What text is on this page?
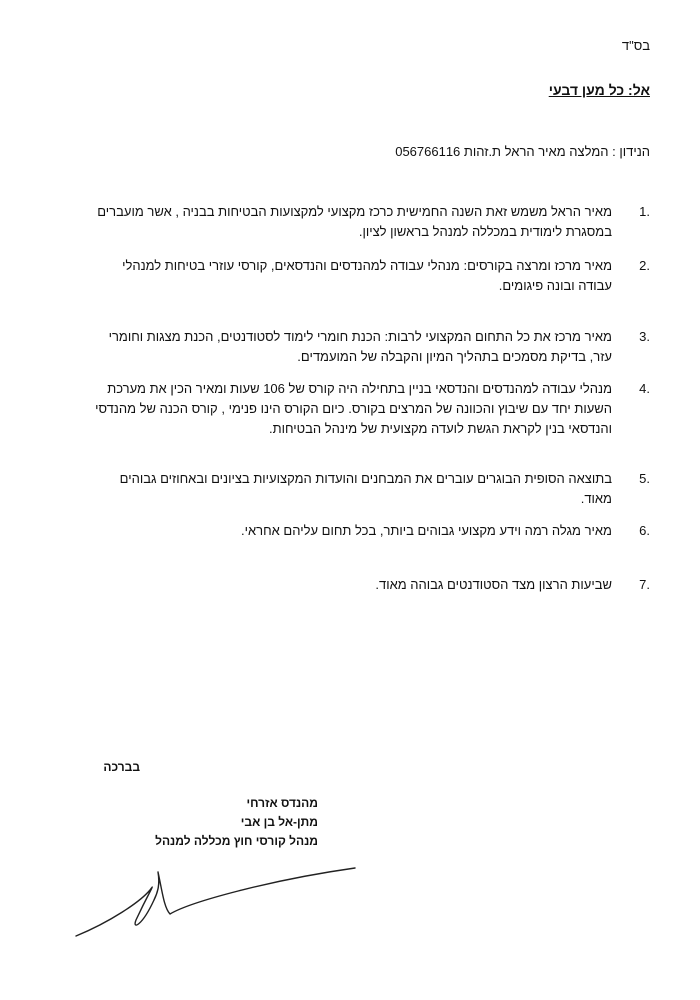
בס"ד
אל: כל מען דבעי
הנידון : המלצה מאיר הראל ת.זהות 056766116
1.
מאיר הראל משמש זאת השנה החמישית כרכז מקצועי למקצועות הבטיחות בבניה , אשר מועברים במסגרת לימודית במכללה למנהל בראשון לציון.
2.
מאיר מרכז ומרצה בקורסים: מנהלי עבודה למהנדסים והנדסאים, קורסי עוזרי בטיחות למנהלי עבודה ובונה פיגומים.
3.
מאיר מרכז את כל התחום המקצועי לרבות: הכנת חומרי לימוד לסטודנטים, הכנת מצגות וחומרי עזר, בדיקת מסמכים בתהליך המיון והקבלה של המועמדים.
4.
מנהלי עבודה למהנדסים והנדסאי בניין בתחילה היה קורס של 106 שעות ומאיר הכין את מערכת השעות יחד עם שיבוץ והכוונה של המרצים בקורס. כיום הקורס הינו פנימי , קורס הכנה של מהנדסי והנדסאי בנין לקראת הגשת לועדה מקצועית של מינהל הבטיחות.
5.
בתוצאה הסופית הבוגרים עוברים את המבחנים והועדות המקצועיות בציונים ובאחוזים גבוהים מאוד.
6.
מאיר מגלה רמה וידע מקצועי גבוהים ביותר, בכל תחום עליהם אחראי.
7.
שביעות הרצון מצד הסטודנטים גבוהה מאוד.
בברכה
מהנדס אזרחי
מתן-אל בן אבי
מנהל קורסי חוץ מכללה למנהל
